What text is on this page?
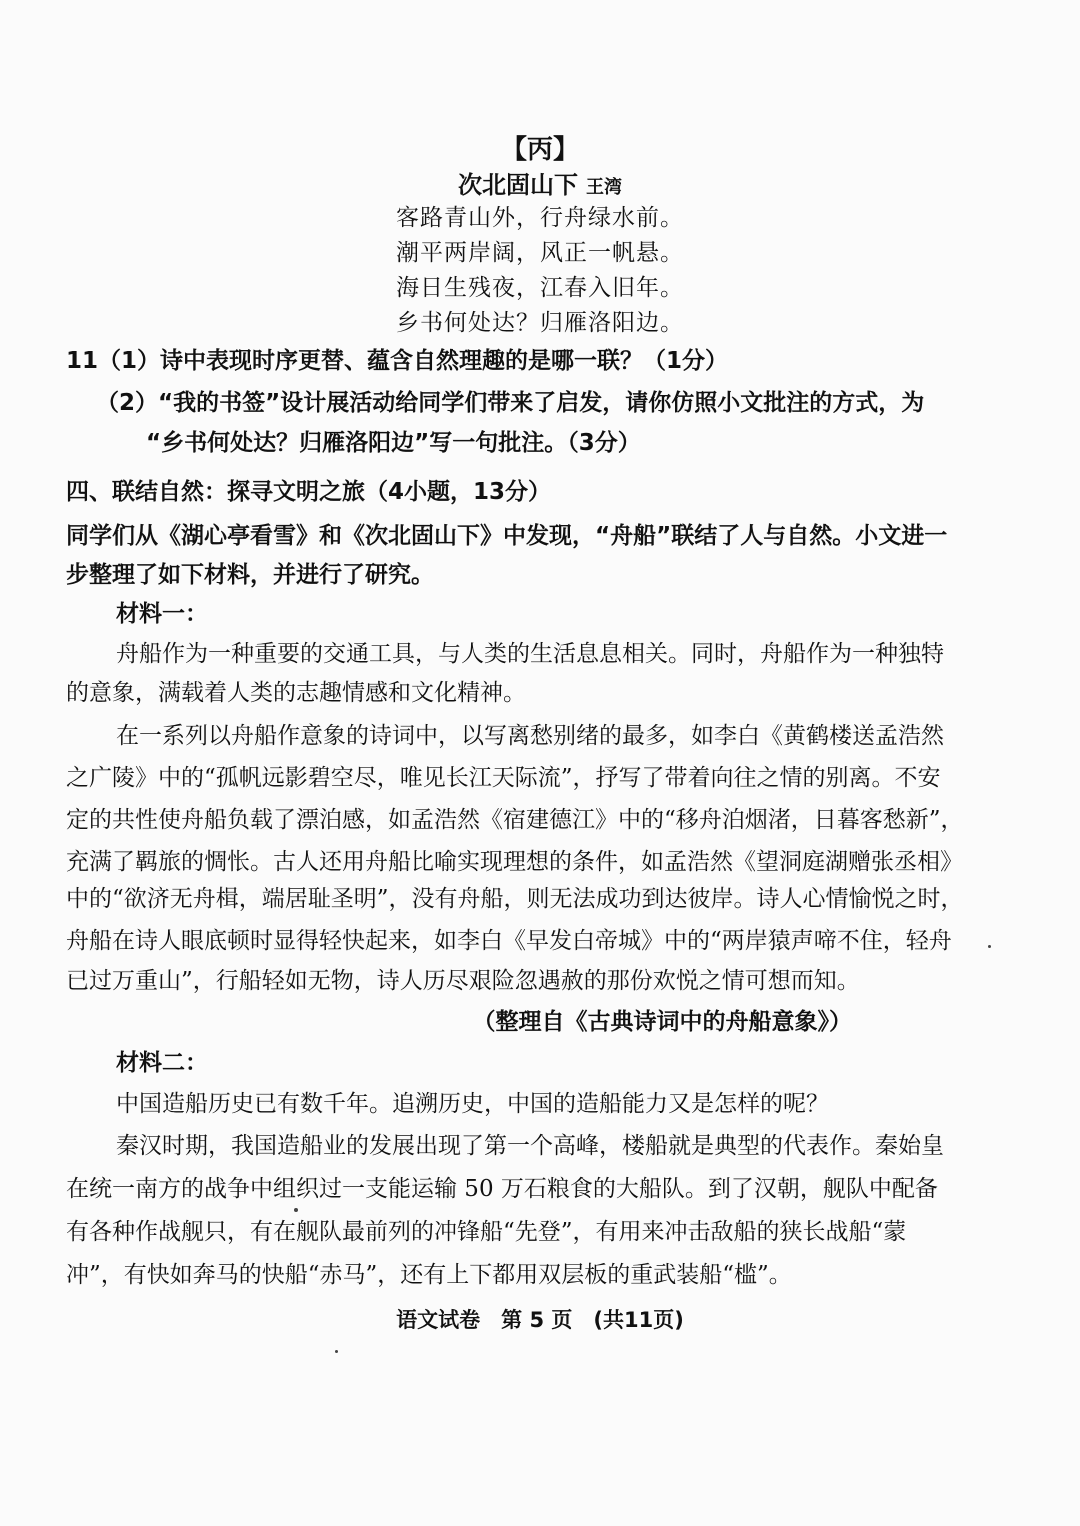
【丙】
次北固山下 王湾
客路青山外，行舟绿水前。
潮平两岸阔，风正一帆悬。
海日生残夜，江春入旧年。
乡书何处达？归雁洛阳边。
11（1）诗中表现时序更替、蕴含自然理趣的是哪一联？（1分）
（2）“我的书签”设计展活动给同学们带来了启发，请你仿照小文批注的方式，为
“乡书何处达？归雁洛阳边”写一句批注。（3分）
四、联结自然：探寻文明之旅（4小题，13分）
同学们从《湖心亭看雪》和《次北固山下》中发现，“舟船”联结了人与自然。小文进一
步整理了如下材料，并进行了研究。
材料一：
舟船作为一种重要的交通工具，与人类的生活息息相关。同时，舟船作为一种独特
的意象，满载着人类的志趣情感和文化精神。
在一系列以舟船作意象的诗词中，以写离愁别绪的最多，如李白《黄鹤楼送孟浩然
之广陵》中的“孤帆远影碧空尽，唯见长江天际流”，抒写了带着向往之情的别离。不安
定的共性使舟船负载了漂泊感，如孟浩然《宿建德江》中的“移舟泊烟渚，日暮客愁新”，
充满了羁旅的惆怅。古人还用舟船比喻实现理想的条件，如孟浩然《望洞庭湖赠张丞相》
中的“欲济无舟楫，端居耻圣明”，没有舟船，则无法成功到达彼岸。诗人心情愉悦之时，
舟船在诗人眼底顿时显得轻快起来，如李白《早发白帝城》中的“两岸猿声啼不住，轻舟
已过万重山”，行船轻如无物，诗人历尽艰险忽遇赦的那份欢悦之情可想而知。
（整理自《古典诗词中的舟船意象》）
材料二：
中国造船历史已有数千年。追溯历史，中国的造船能力又是怎样的呢？
秦汉时期，我国造船业的发展出现了第一个高峰，楼船就是典型的代表作。秦始皇
在统一南方的战争中组织过一支能运输 50 万石粮食的大船队。到了汉朝，舰队中配备
有各种作战舰只，有在舰队最前列的冲锋船“先登”，有用来冲击敌船的狭长战船“蒙
冲”，有快如奔马的快船“赤马”，还有上下都用双层板的重武装船“槛”。
语文试卷　第 5 页　(共11页)
